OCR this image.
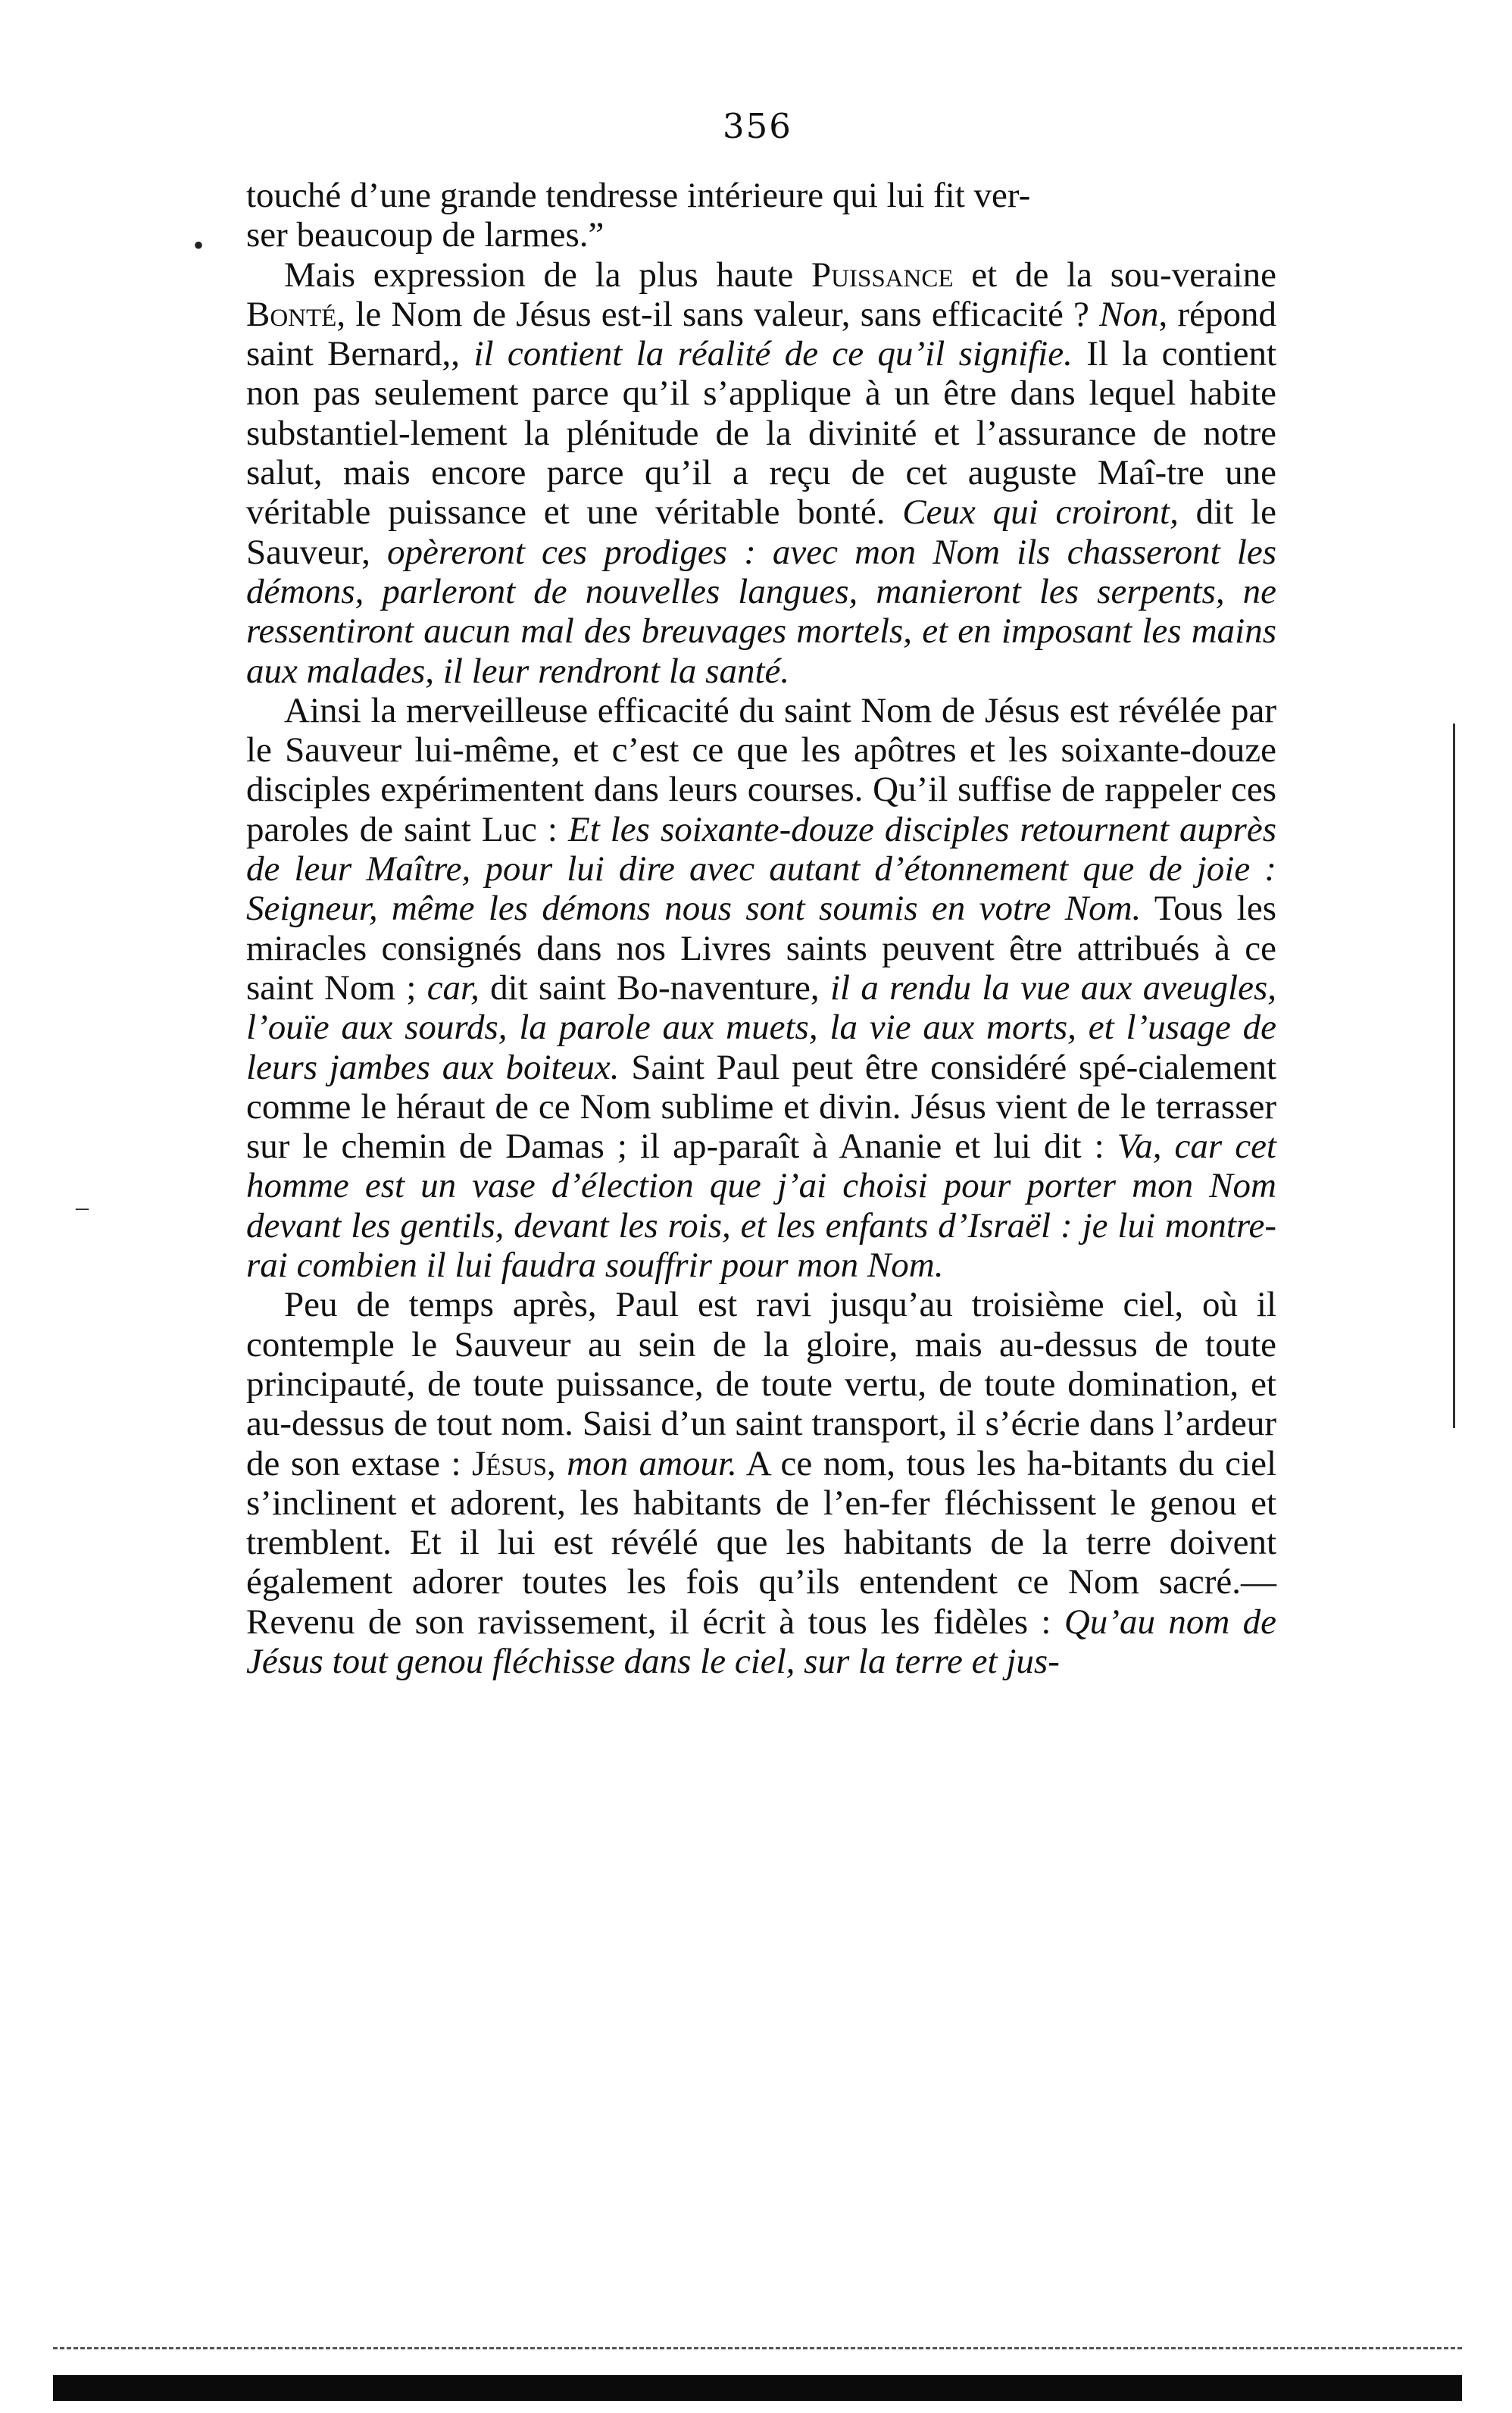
356

touché d’une grande tendresse intérieure qui lui fit ver-
ser beaucoup de larmes.”

Mais expression de la plus haute Puissance et de la sou-veraine Bonté, le Nom de Jésus est-il sans valeur, sans efficacité ? Non, répond saint Bernard,, il contient la réalité de ce qu’il signifie. Il la contient non pas seulement parce qu’il s’applique à un être dans lequel habite substantiel-lement la plénitude de la divinité et l’assurance de notre salut, mais encore parce qu’il a reçu de cet auguste Maî-tre une véritable puissance et une véritable bonté. Ceux qui croiront, dit le Sauveur, opèreront ces prodiges : avec mon Nom ils chasseront les démons, parleront de nouvelles langues, manieront les serpents, ne ressentiront aucun mal des breuvages mortels, et en imposant les mains aux malades, il leur rendront la santé.

Ainsi la merveilleuse efficacité du saint Nom de Jésus est révélée par le Sauveur lui-même, et c’est ce que les apôtres et les soixante-douze disciples expérimentent dans leurs courses. Qu’il suffise de rappeler ces paroles de saint Luc : Et les soixante-douze disciples retournent auprès de leur Maître, pour lui dire avec autant d’étonnement que de joie : Seigneur, même les démons nous sont soumis en votre Nom. Tous les miracles consignés dans nos Livres saints peuvent être attribués à ce saint Nom ; car, dit saint Bo-naventure, il a rendu la vue aux aveugles, l’ouïe aux sourds, la parole aux muets, la vie aux morts, et l’usage de leurs jambes aux boiteux. Saint Paul peut être considéré spé-cialement comme le héraut de ce Nom sublime et divin. Jésus vient de le terrasser sur le chemin de Damas ; il ap-paraît à Ananie et lui dit : Va, car cet homme est un vase d’élection que j’ai choisi pour porter mon Nom devant les gentils, devant les rois, et les enfants d’Israël : je lui montre-rai combien il lui faudra souffrir pour mon Nom.

Peu de temps après, Paul est ravi jusqu’au troisième ciel, où il contemple le Sauveur au sein de la gloire, mais au-dessus de toute principauté, de toute puissance, de toute vertu, de toute domination, et au-dessus de tout nom. Saisi d’un saint transport, il s’écrie dans l’ardeur de son extase : Jésus, mon amour. A ce nom, tous les ha-bitants du ciel s’inclinent et adorent, les habitants de l’en-fer fléchissent le genou et tremblent. Et il lui est révélé que les habitants de la terre doivent également adorer toutes les fois qu’ils entendent ce Nom sacré.—Revenu de son ravissement, il écrit à tous les fidèles : Qu’au nom de Jésus tout genou fléchisse dans le ciel, sur la terre et jus-

•
–
